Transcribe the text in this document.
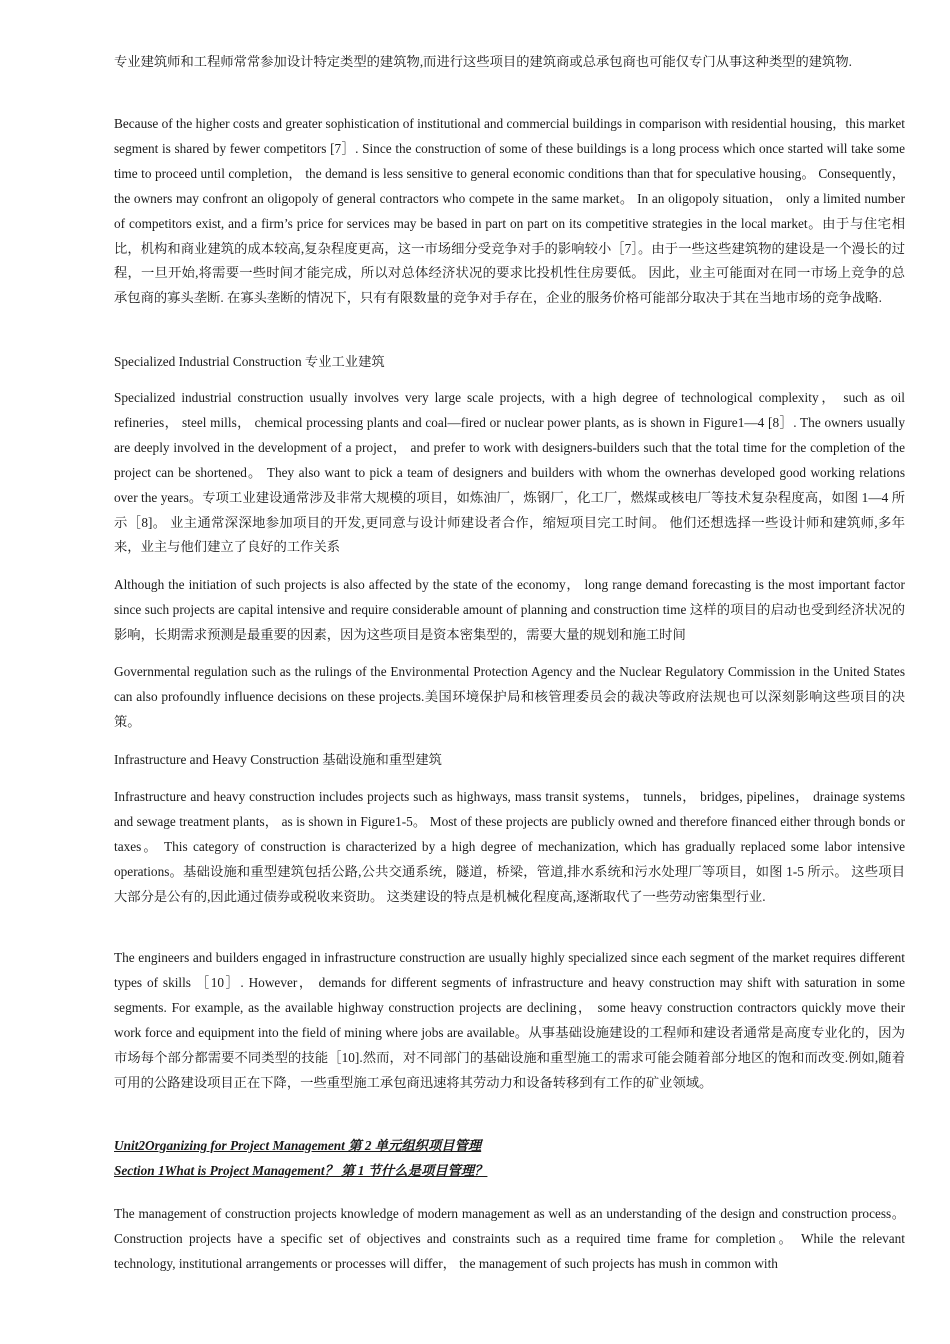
专业建筑师和工程师常常参加设计特定类型的建筑物,而进行这些项目的建筑商或总承包商也可能仅专门从事这种类型的建筑物.

Because of the higher costs and greater sophistication of institutional and commercial buildings in comparison with residential housing，this market segment is shared by fewer competitors [7］. Since the construction of some of these buildings is a long process which once started will take some time to proceed until completion， the demand is less sensitive to general economic conditions than that for speculative housing。 Consequently， the owners may confront an oligopoly of general contractors who compete in the same market。 In an oligopoly situation， only a limited number of competitors exist, and a firm’s price for services may be based in part on part on its competitive strategies in the local market。由于与住宅相比，机构和商业建筑的成本较高,复杂程度更高，这一市场细分受竞争对手的影响较小［7］。由于一些这些建筑物的建设是一个漫长的过程，一旦开始,将需要一些时间才能完成，所以对总体经济状况的要求比投机性住房要低。 因此，业主可能面对在同一市场上竞争的总承包商的寡头垄断. 在寡头垄断的情况下，只有有限数量的竞争对手存在，企业的服务价格可能部分取决于其在当地市场的竞争战略.

Specialized Industrial Construction 专业工业建筑

Specialized industrial construction usually involves very large scale projects, with a high degree of technological complexity， such as oil refineries， steel mills， chemical processing plants and coal—fired or nuclear power plants, as is shown in Figure1—4 [8］. The owners usually are deeply involved in the development of a project， and prefer to work with designers-builders such that the total time for the completion of the project can be shortened。 They also want to pick a team of designers and builders with whom the ownerhas developed good working relations over the years。专项工业建设通常涉及非常大规模的项目，如炼油厂，炼钢厂，化工厂，燃煤或核电厂等技术复杂程度高，如图 1—4 所示［8]。 业主通常深深地参加项目的开发,更同意与设计师建设者合作，缩短项目完工时间。 他们还想选择一些设计师和建筑师,多年来，业主与他们建立了良好的工作关系

Although the initiation of such projects is also affected by the state of the economy， long range demand forecasting is the most important factor since such projects are capital intensive and require considerable amount of planning and construction time 这样的项目的启动也受到经济状况的影响，长期需求预测是最重要的因素，因为这些项目是资本密集型的，需要大量的规划和施工时间

Governmental regulation such as the rulings of the Environmental Protection Agency and the Nuclear Regulatory Commission in the United States can also profoundly influence decisions on these projects.美国环境保护局和核管理委员会的裁决等政府法规也可以深刻影响这些项目的决策。

Infrastructure and Heavy Construction 基础设施和重型建筑

Infrastructure and heavy construction includes projects such as highways, mass transit systems， tunnels， bridges, pipelines， drainage systems and sewage treatment plants， as is shown in Figure1-5。 Most of these projects are publicly owned and therefore financed either through bonds or taxes。 This category of construction is characterized by a high degree of mechanization, which has gradually replaced some labor intensive operations。基础设施和重型建筑包括公路,公共交通系统，隧道，桥梁，管道,排水系统和污水处理厂等项目，如图 1-5 所示。 这些项目大部分是公有的,因此通过债券或税收来资助。 这类建设的特点是机械化程度高,逐渐取代了一些劳动密集型行业.

The engineers and builders engaged in infrastructure construction are usually highly specialized since each segment of the market requires different types of skills ［10］. However， demands for different segments of infrastructure and heavy construction may shift with saturation in some segments. For example, as the available highway construction projects are declining， some heavy construction contractors quickly move their work force and equipment into the field of mining where jobs are available。从事基础设施建设的工程师和建设者通常是高度专业化的，因为市场每个部分都需要不同类型的技能［10].然而，对不同部门的基础设施和重型施工的需求可能会随着部分地区的饱和而改变.例如,随着可用的公路建设项目正在下降，一些重型施工承包商迅速将其劳动力和设备转移到有工作的矿业领域。

Unit2Organizing for Project Management 第 2 单元组织项目管理

Section 1What is Project Management？ 第 1 节什么是项目管理？

The management of construction projects knowledge of modern management as well as an understanding of the design and construction process。 Construction projects have a specific set of objectives and constraints such as a required time frame for completion。 While the relevant technology, institutional arrangements or processes will differ， the management of such projects has mush in common with
